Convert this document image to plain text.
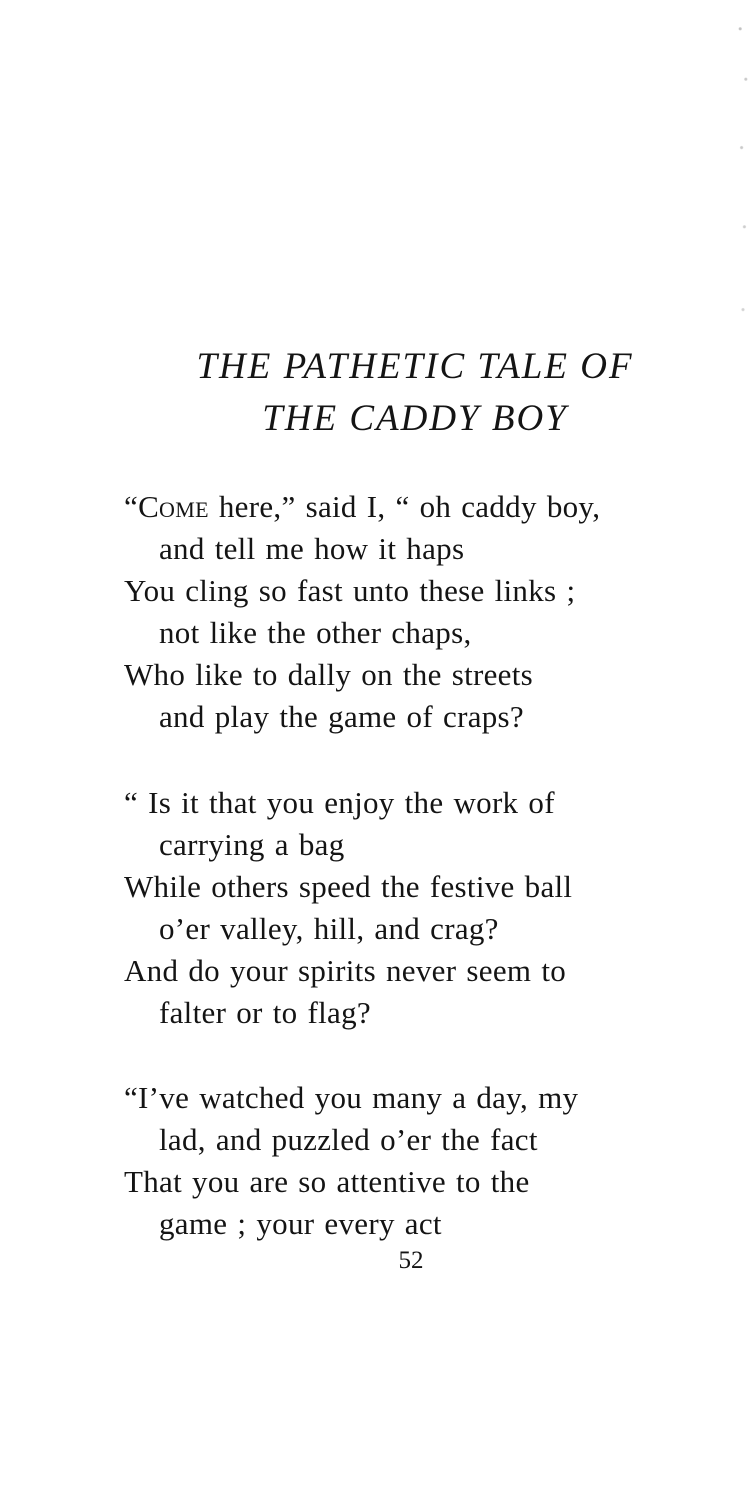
THE PATHETIC TALE OF
THE CADDY BOY
“Come here,” said I, “ oh caddy boy,
and tell me how it haps
You cling so fast unto these links ;
not like the other chaps,
Who like to dally on the streets
and play the game of craps?
“ Is it that you enjoy the work of
carrying a bag
While others speed the festive ball
o’er valley, hill, and crag?
And do your spirits never seem to
falter or to flag?
“I’ve watched you many a day, my
lad, and puzzled o’er the fact
That you are so attentive to the
game ; your every act
52
